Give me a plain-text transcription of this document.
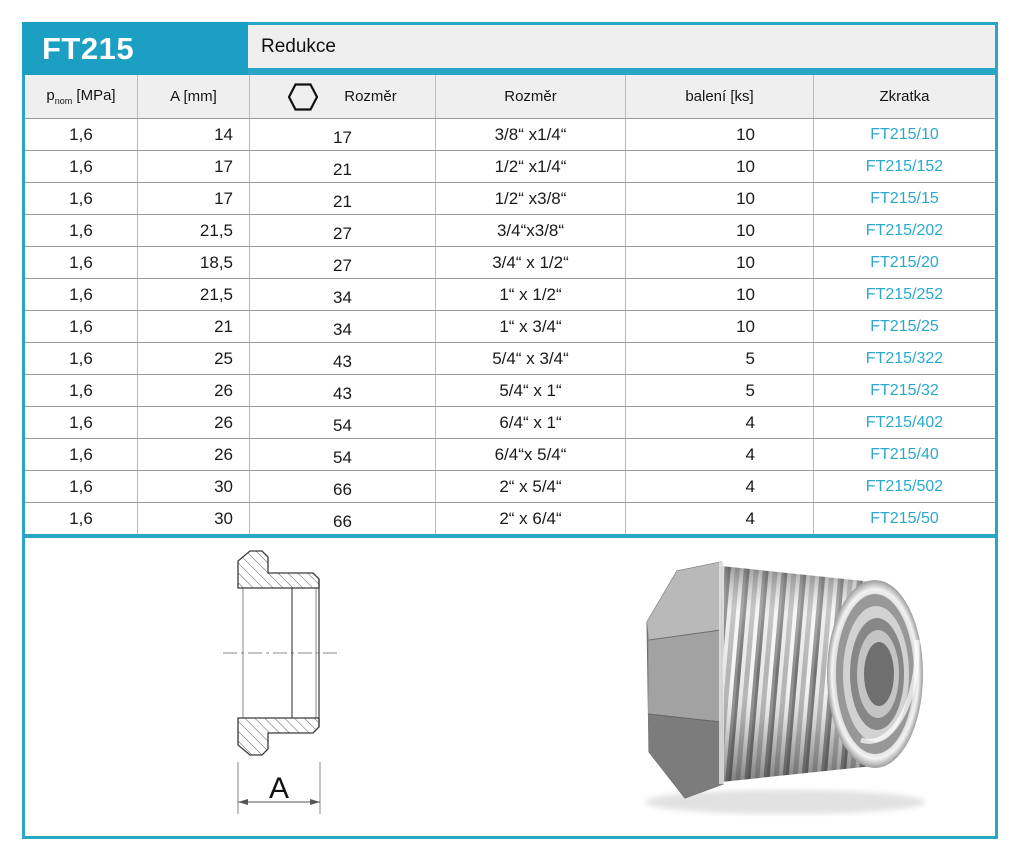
FT215	Redukce
$p_{nom}$ [MPa]	A [mm]	Rozměr	Rozměr	balení [ks]	Zkratka
1,6	14	17	3/8“ x1/4“	10	FT215/10
1,6	17	21	1/2“ x1/4“	10	FT215/152
1,6	17	21	1/2“ x3/8“	10	FT215/15
1,6	21,5	27	3/4“x3/8“	10	FT215/202
1,6	18,5	27	3/4“ x 1/2“	10	FT215/20
1,6	21,5	34	1“ x 1/2“	10	FT215/252
1,6	21	34	1“ x 3/4“	10	FT215/25
1,6	25	43	5/4“ x 3/4“	5	FT215/322
1,6	26	43	5/4“ x 1“	5	FT215/32
1,6	26	54	6/4“ x 1“	4	FT215/402
1,6	26	54	6/4“x 5/4“	4	FT215/40
1,6	30	66	2“ x 5/4“	4	FT215/502
1,6	30	66	2“ x 6/4“	4	FT215/50
A
